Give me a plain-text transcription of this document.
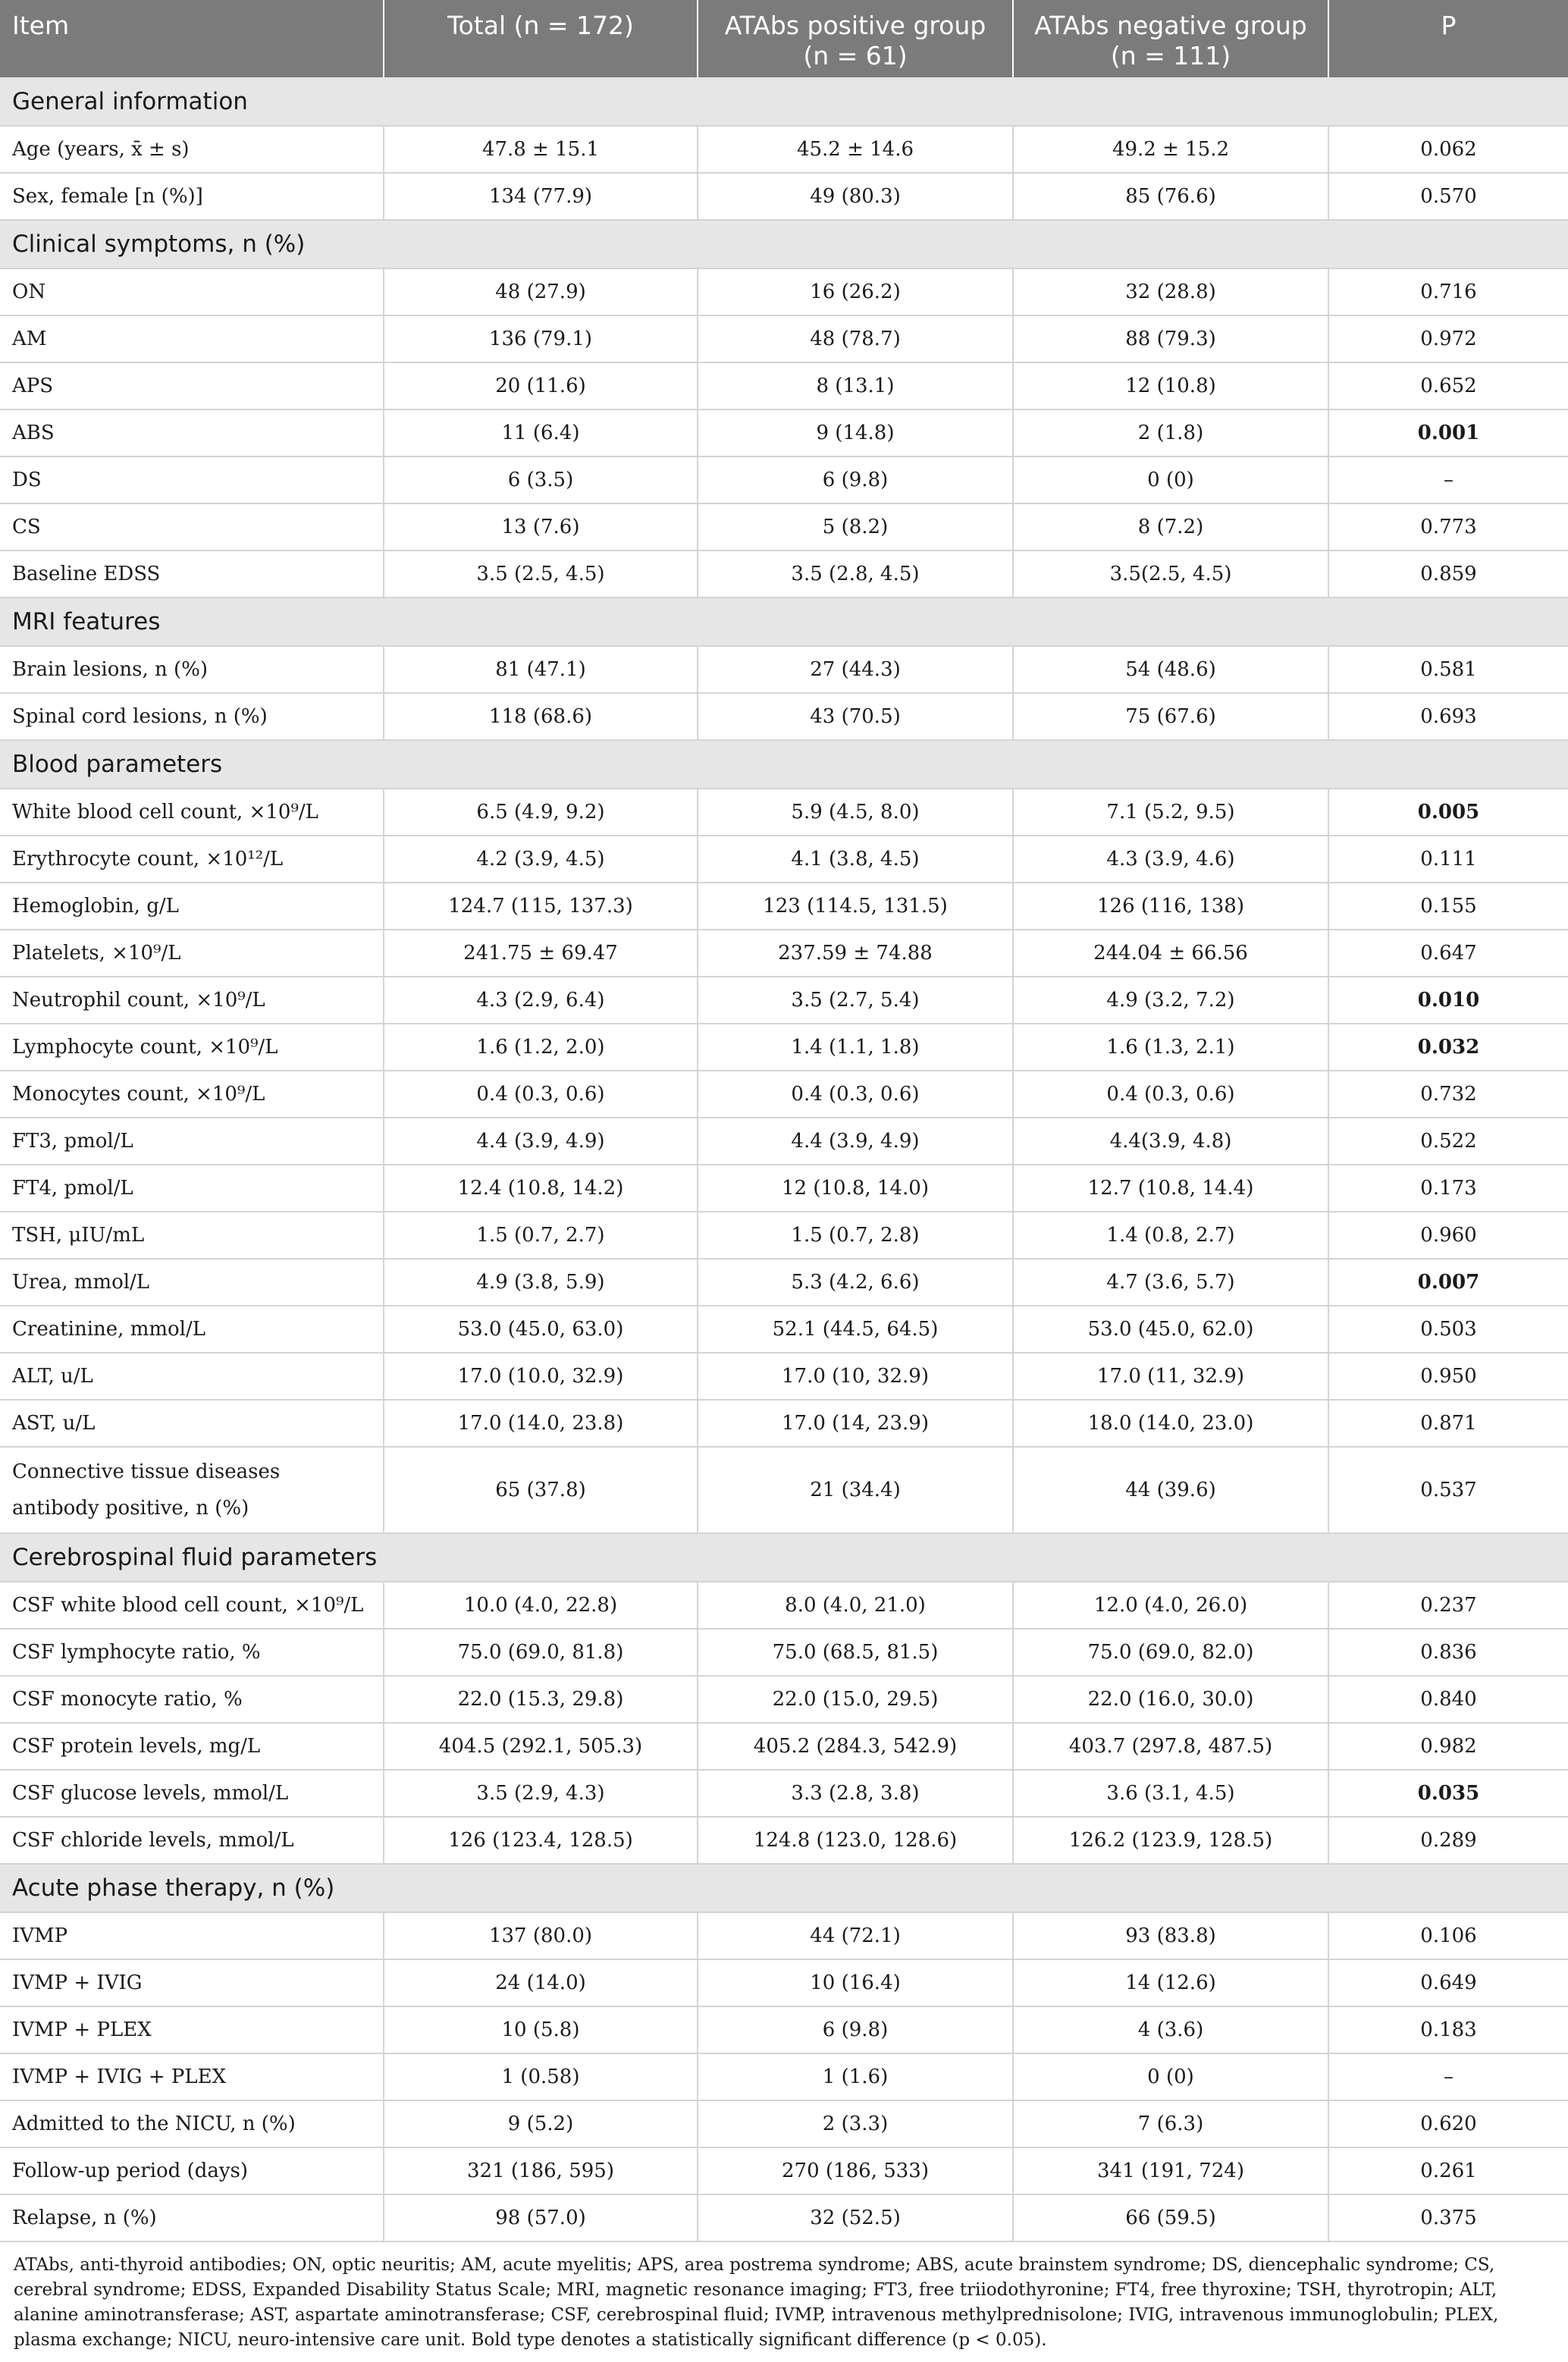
Item	Total (n = 172)	ATAbs positive group (n = 61)	ATAbs negative group (n = 111)	P
General information				
Age (years, x̄ ± s)	47.8 ± 15.1	45.2 ± 14.6	49.2 ± 15.2	0.062
Sex, female [n (%)]	134 (77.9)	49 (80.3)	85 (76.6)	0.570
Clinical symptoms, n (%)				
ON	48 (27.9)	16 (26.2)	32 (28.8)	0.716
AM	136 (79.1)	48 (78.7)	88 (79.3)	0.972
APS	20 (11.6)	8 (13.1)	12 (10.8)	0.652
ABS	11 (6.4)	9 (14.8)	2 (1.8)	0.001
DS	6 (3.5)	6 (9.8)	0 (0)	–
CS	13 (7.6)	5 (8.2)	8 (7.2)	0.773
Baseline EDSS	3.5 (2.5, 4.5)	3.5 (2.8, 4.5)	3.5(2.5, 4.5)	0.859
MRI features				
Brain lesions, n (%)	81 (47.1)	27 (44.3)	54 (48.6)	0.581
Spinal cord lesions, n (%)	118 (68.6)	43 (70.5)	75 (67.6)	0.693
Blood parameters				
White blood cell count, ×10⁹/L	6.5 (4.9, 9.2)	5.9 (4.5, 8.0)	7.1 (5.2, 9.5)	0.005
Erythrocyte count, ×10¹²/L	4.2 (3.9, 4.5)	4.1 (3.8, 4.5)	4.3 (3.9, 4.6)	0.111
Hemoglobin, g/L	124.7 (115, 137.3)	123 (114.5, 131.5)	126 (116, 138)	0.155
Platelets, ×10⁹/L	241.75 ± 69.47	237.59 ± 74.88	244.04 ± 66.56	0.647
Neutrophil count, ×10⁹/L	4.3 (2.9, 6.4)	3.5 (2.7, 5.4)	4.9 (3.2, 7.2)	0.010
Lymphocyte count, ×10⁹/L	1.6 (1.2, 2.0)	1.4 (1.1, 1.8)	1.6 (1.3, 2.1)	0.032
Monocytes count, ×10⁹/L	0.4 (0.3, 0.6)	0.4 (0.3, 0.6)	0.4 (0.3, 0.6)	0.732
FT3, pmol/L	4.4 (3.9, 4.9)	4.4 (3.9, 4.9)	4.4(3.9, 4.8)	0.522
FT4, pmol/L	12.4 (10.8, 14.2)	12 (10.8, 14.0)	12.7 (10.8, 14.4)	0.173
TSH, μIU/mL	1.5 (0.7, 2.7)	1.5 (0.7, 2.8)	1.4 (0.8, 2.7)	0.960
Urea, mmol/L	4.9 (3.8, 5.9)	5.3 (4.2, 6.6)	4.7 (3.6, 5.7)	0.007
Creatinine, mmol/L	53.0 (45.0, 63.0)	52.1 (44.5, 64.5)	53.0 (45.0, 62.0)	0.503
ALT, u/L	17.0 (10.0, 32.9)	17.0 (10, 32.9)	17.0 (11, 32.9)	0.950
AST, u/L	17.0 (14.0, 23.8)	17.0 (14, 23.9)	18.0 (14.0, 23.0)	0.871
Connective tissue diseases antibody positive, n (%)	65 (37.8)	21 (34.4)	44 (39.6)	0.537
Cerebrospinal fluid parameters				
CSF white blood cell count, ×10⁹/L	10.0 (4.0, 22.8)	8.0 (4.0, 21.0)	12.0 (4.0, 26.0)	0.237
CSF lymphocyte ratio, %	75.0 (69.0, 81.8)	75.0 (68.5, 81.5)	75.0 (69.0, 82.0)	0.836
CSF monocyte ratio, %	22.0 (15.3, 29.8)	22.0 (15.0, 29.5)	22.0 (16.0, 30.0)	0.840
CSF protein levels, mg/L	404.5 (292.1, 505.3)	405.2 (284.3, 542.9)	403.7 (297.8, 487.5)	0.982
CSF glucose levels, mmol/L	3.5 (2.9, 4.3)	3.3 (2.8, 3.8)	3.6 (3.1, 4.5)	0.035
CSF chloride levels, mmol/L	126 (123.4, 128.5)	124.8 (123.0, 128.6)	126.2 (123.9, 128.5)	0.289
Acute phase therapy, n (%)				
IVMP	137 (80.0)	44 (72.1)	93 (83.8)	0.106
IVMP + IVIG	24 (14.0)	10 (16.4)	14 (12.6)	0.649
IVMP + PLEX	10 (5.8)	6 (9.8)	4 (3.6)	0.183
IVMP + IVIG + PLEX	1 (0.58)	1 (1.6)	0 (0)	–
Admitted to the NICU, n (%)	9 (5.2)	2 (3.3)	7 (6.3)	0.620
Follow-up period (days)	321 (186, 595)	270 (186, 533)	341 (191, 724)	0.261
Relapse, n (%)	98 (57.0)	32 (52.5)	66 (59.5)	0.375
ATAbs, anti-thyroid antibodies; ON, optic neuritis; AM, acute myelitis; APS, area postrema syndrome; ABS, acute brainstem syndrome; DS, diencephalic syndrome; CS, cerebral syndrome; EDSS, Expanded Disability Status Scale; MRI, magnetic resonance imaging; FT3, free triiodothyronine; FT4, free thyroxine; TSH, thyrotropin; ALT, alanine aminotransferase; AST, aspartate aminotransferase; CSF, cerebrospinal fluid; IVMP, intravenous methylprednisolone; IVIG, intravenous immunoglobulin; PLEX, plasma exchange; NICU, neuro-intensive care unit. Bold type denotes a statistically significant difference (p < 0.05).
